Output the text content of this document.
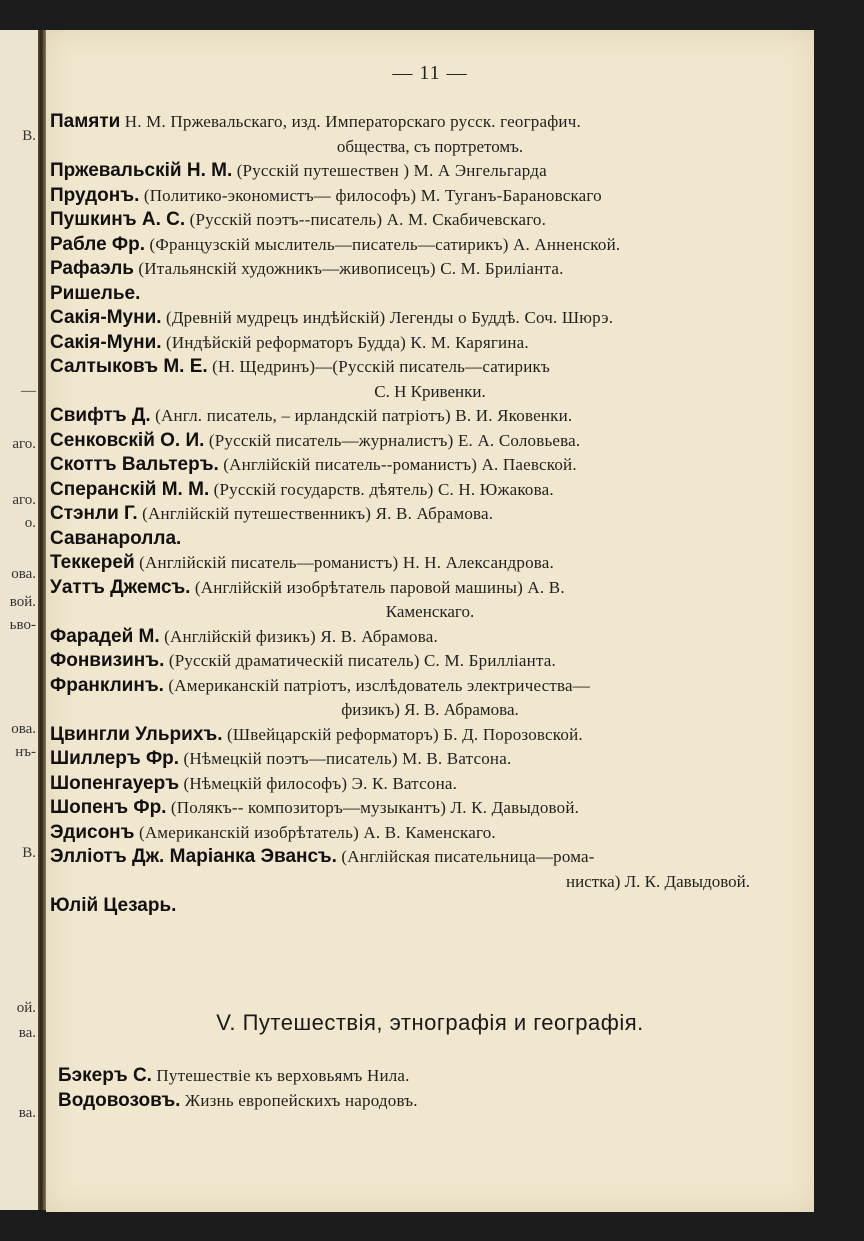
В.
—
аго.
аго.
о.
ова.
вой.
ьво-
ова.
нъ-
В.
ой.
ва.
ва.
— 11 —
Памяти Н. М. Пржевальскаго, изд. Императорскаго русск. географич.
общества, съ портретомъ.
Пржевальскій Н. М. (Русскій путешествен ) М. А Энгельгарда
Прудонъ. (Политико-экономистъ— философъ) М. Туганъ-Барановскаго
Пушкинъ А. С. (Русскій поэтъ--писатель) А. М. Скабичевскаго.
Рабле Фр. (Французскій мыслитель—писатель—сатирикъ) А. Анненской.
Рафаэль (Итальянскій художникъ—живописецъ) С. М. Бриліанта.
Ришелье.
Сакія-Муни. (Древній мудрецъ индѣйскій) Легенды о Буддѣ. Соч. Шюрэ.
Сакія-Муни. (Индѣйскій реформаторъ Будда) К. М. Карягина.
Салтыковъ М. Е. (Н. Щедринъ)—(Русскій писатель—сатирикъ
С. Н Кривенки.
Свифтъ Д. (Англ. писатель, – ирландскій патріотъ) В. И. Яковенки.
Сенковскій О. И. (Русскій писатель—журналистъ) Е. А. Соловьева.
Скоттъ Вальтеръ. (Англійскій писатель--романистъ) А. Паевской.
Сперанскій М. М. (Русскій государств. дѣятель) С. Н. Южакова.
Стэнли Г. (Англійскій путешественникъ) Я. В. Абрамова.
Саванаролла.
Теккерей (Англійскій писатель—романистъ) Н. Н. Александрова.
Уаттъ Джемсъ. (Англійскій изобрѣтатель паровой машины) А. В.
Каменскаго.
Фарадей М. (Англійскій физикъ) Я. В. Абрамова.
Фонвизинъ. (Русскій драматическій писатель) С. М. Брилліанта.
Франклинъ. (Американскій патріотъ, изслѣдователь электричества—
физикъ) Я. В. Абрамова.
Цвингли Ульрихъ. (Швейцарскій реформаторъ) Б. Д. Порозовской.
Шиллеръ Фр. (Нѣмецкій поэтъ—писатель) М. В. Ватсона.
Шопенгауеръ (Нѣмецкій философъ) Э. К. Ватсона.
Шопенъ Фр. (Полякъ-- композиторъ—музыкантъ) Л. К. Давыдовой.
Эдисонъ (Американскій изобрѣтатель) А. В. Каменскаго.
Эллiотъ Дж. Маріанка Эвансъ. (Англійская писательница—рома-
нистка) Л. К. Давыдовой.
Юлій Цезарь.
V. Путешествія, этнографія и географія.
Бэкеръ С. Путешествіе къ верховьямъ Нила.
Водовозовъ. Жизнь европейскихъ народовъ.
